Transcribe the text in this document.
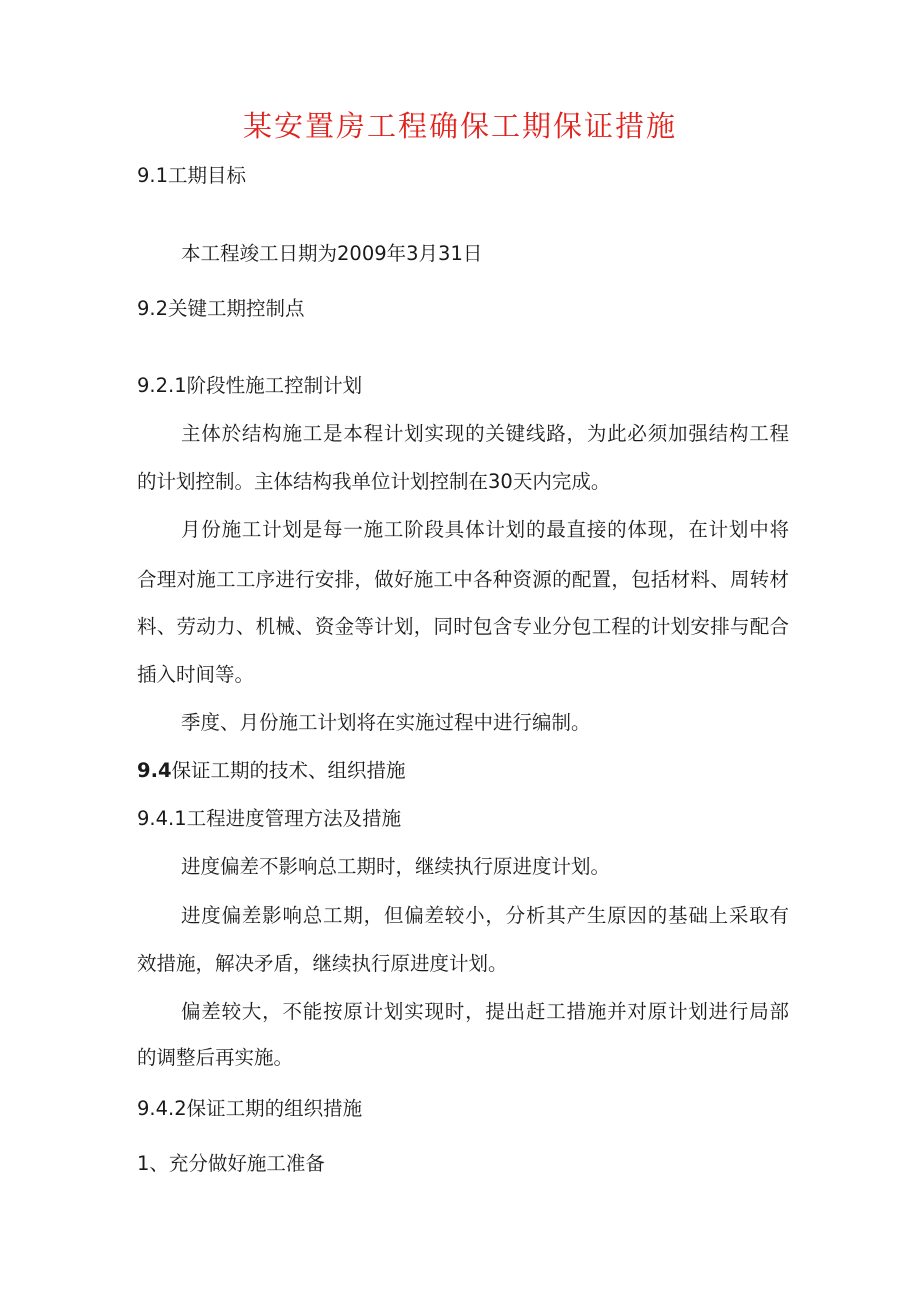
某安置房工程确保工期保证措施

9.1工期目标

本工程竣工日期为2009年3月31日

9.2关键工期控制点

9.2.1阶段性施工控制计划

主体於结构施工是本程计划实现的关键线路，为此必须加强结构工程

的计划控制。主体结构我单位计划控制在30天内完成。

月份施工计划是每一施工阶段具体计划的最直接的体现，在计划中将

合理对施工工序进行安排，做好施工中各种资源的配置，包括材料、周转材

料、劳动力、机械、资金等计划，同时包含专业分包工程的计划安排与配合

插入时间等。

季度、月份施工计划将在实施过程中进行编制。

9.4保证工期的技术、组织措施

9.4.1工程进度管理方法及措施

进度偏差不影响总工期时，继续执行原进度计划。

进度偏差影响总工期，但偏差较小，分析其产生原因的基础上采取有

效措施，解决矛盾，继续执行原进度计划。

偏差较大，不能按原计划实现时，提出赶工措施并对原计划进行局部

的调整后再实施。

9.4.2保证工期的组织措施

1、充分做好施工准备
